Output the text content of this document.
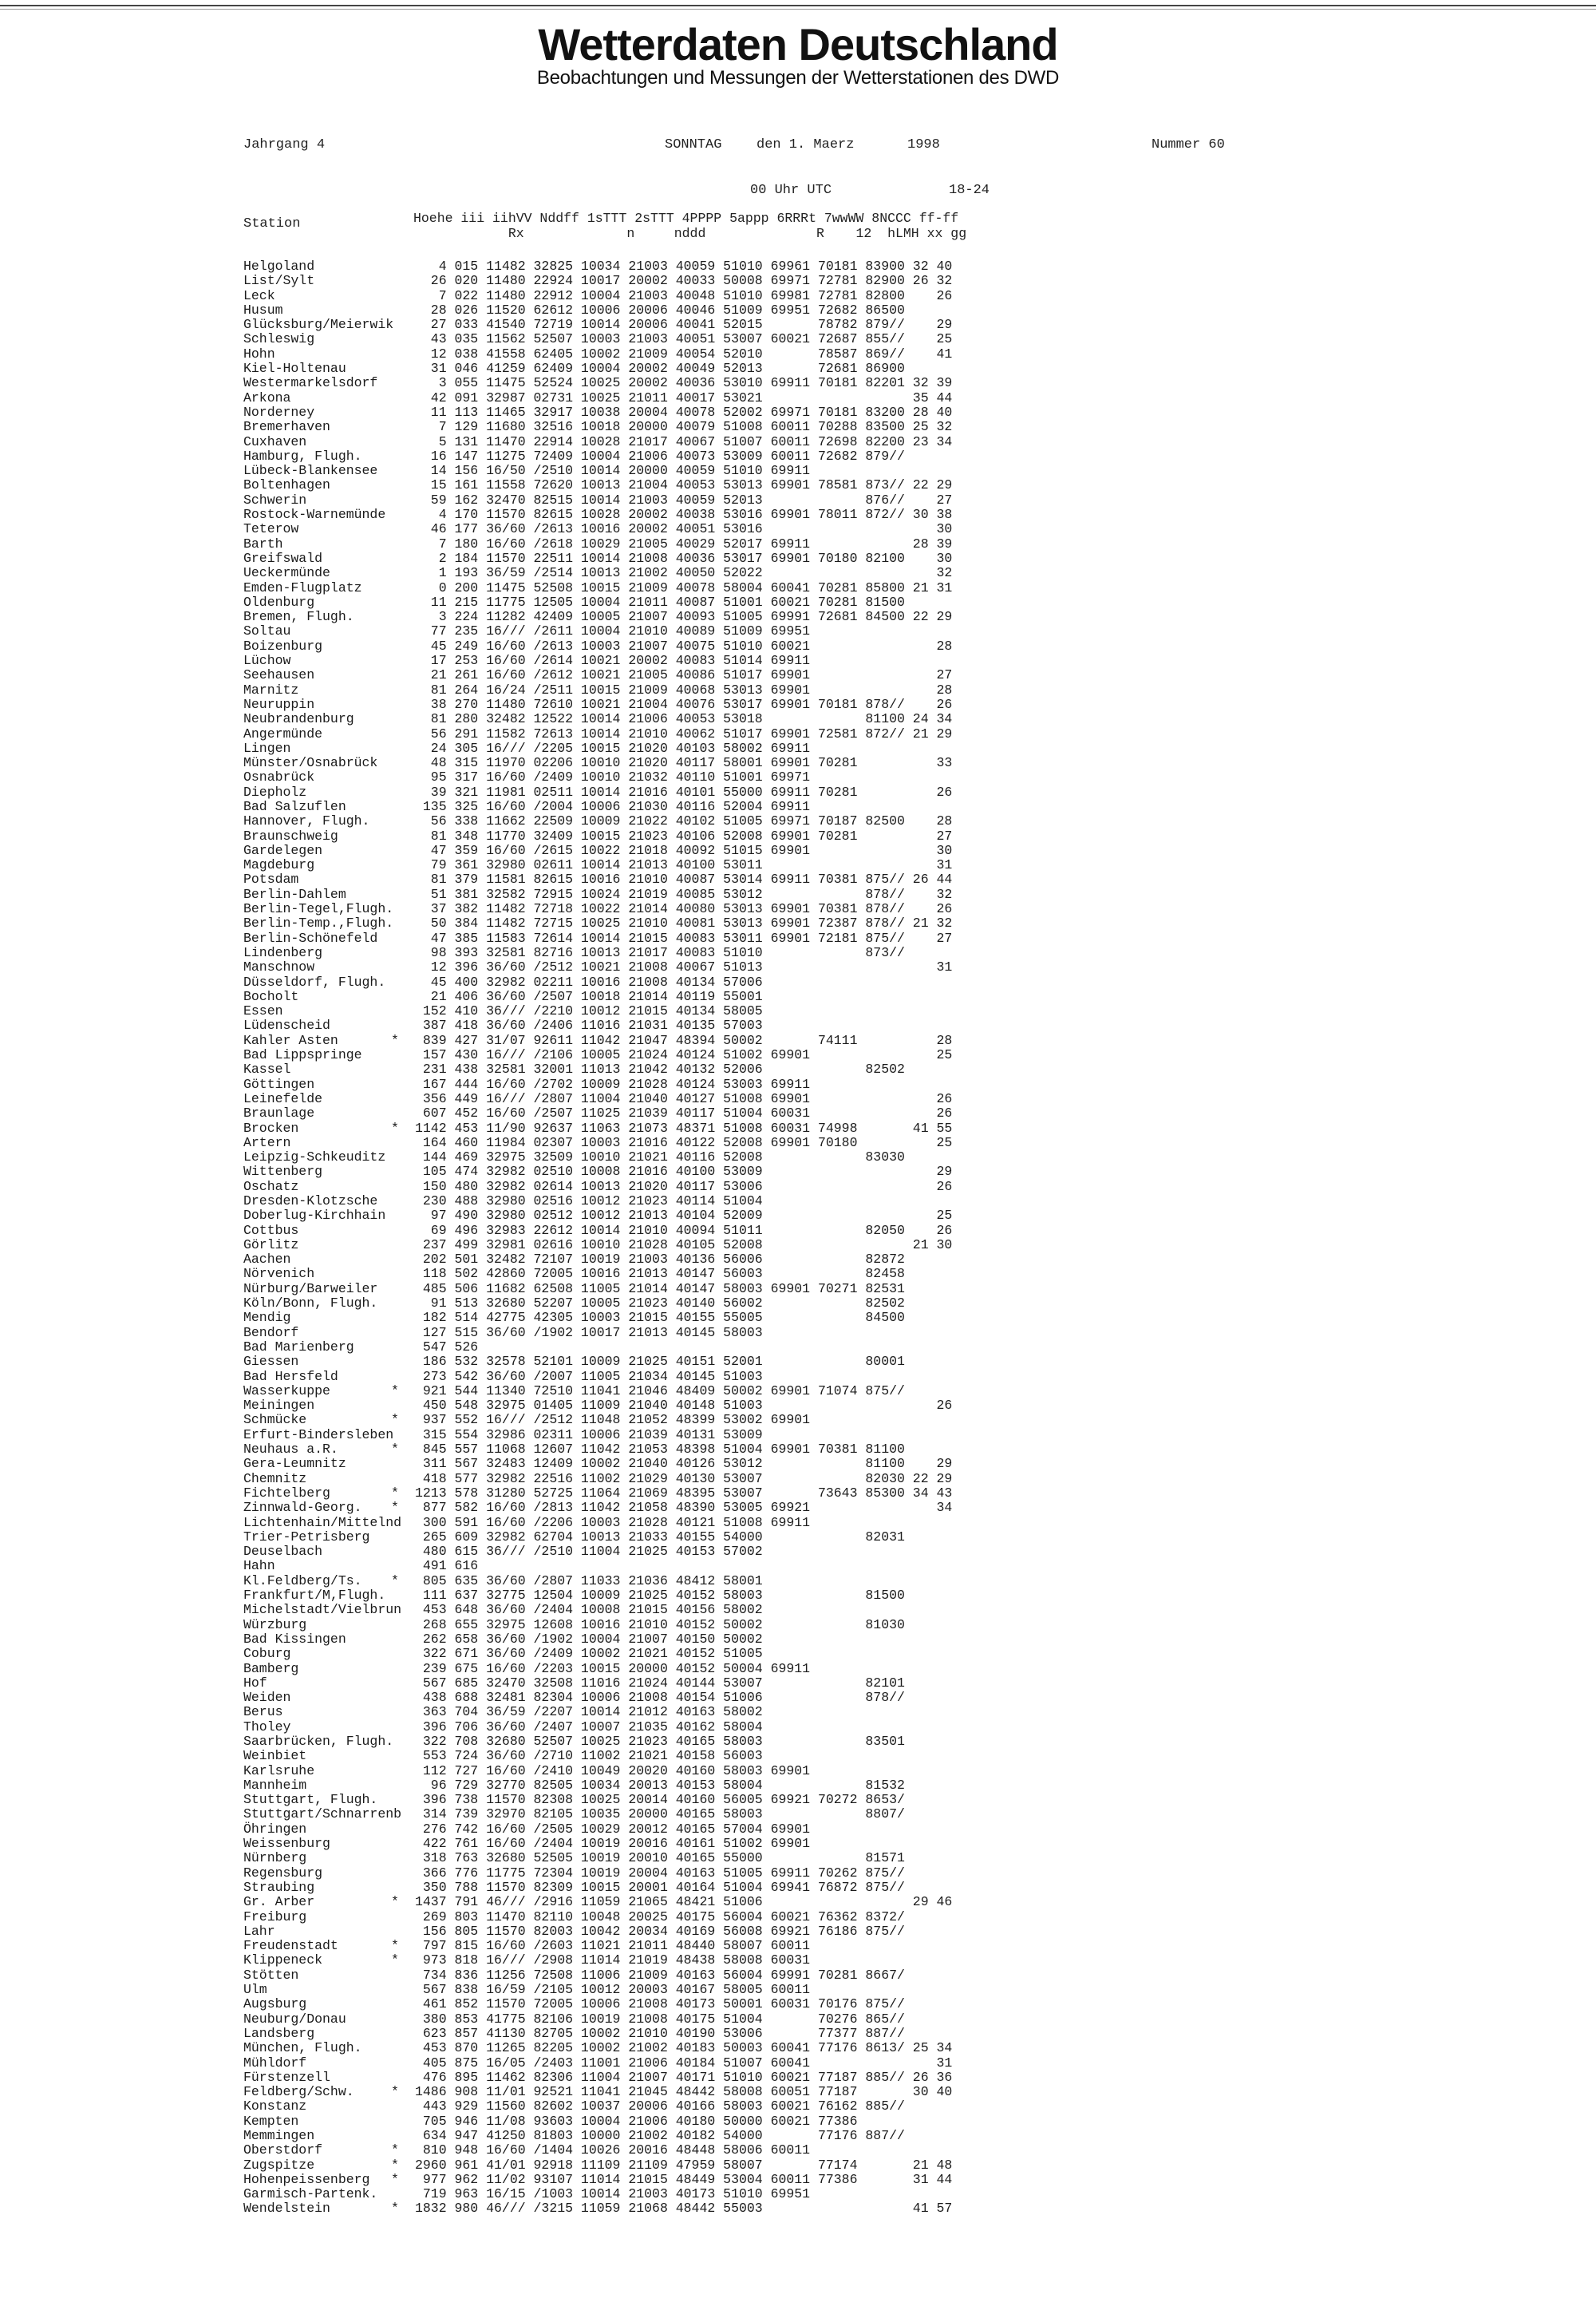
Wetterdaten Deutschland
Beobachtungen und Messungen der Wetterstationen des DWD
Jahrgang 4	SONNTAG	den 1. Maerz	1998	Nummer 60
00 Uhr UTC	18-24
Station	Hoehe iii iihVV Nddff 1sTTT 2sTTT 4PPPP 5appp 6RRRt 7wwWW 8NCCC ff-ff
Rx             n     nddd              R    12  hLMH xx gg
Helgoland	4 015 11482 32825 10034 21003 40059 51010 69961 70181 83900 32 40
List/Sylt	26 020 11480 22924 10017 20002 40033 50008 69971 72781 82900 26 32
Leck	7 022 11480 22912 10004 21003 40048 51010 69981 72781 82800    26
Husum	28 026 11520 62612 10006 20006 40046 51009 69951 72682 86500
Glücksburg/Meierwik 27 033 41540 72719 10014 20006 40041 52015       78782 879//    29
Schleswig	43 035 11562 52507 10003 21003 40051 53007 60021 72687 855//    25
Hohn	12 038 41558 62405 10002 21009 40054 52010       78587 869//    41
Kiel-Holtenau	31 046 41259 62409 10004 20002 40049 52013       72681 86900
Westermarkelsdorf	3 055 11475 52524 10025 20002 40036 53010 69911 70181 82201 32 39
Arkona	42 091 32987 02731 10025 21011 40017 53021                   35 44
Norderney	11 113 11465 32917 10038 20004 40078 52002 69971 70181 83200 28 40
Bremerhaven	7 129 11680 32516 10018 20000 40079 51008 60011 70288 83500 25 32
Cuxhaven	5 131 11470 22914 10028 21017 40067 51007 60011 72698 82200 23 34
Hamburg, Flugh.	16 147 11275 72409 10004 21006 40073 53009 60011 72682 879//
Lübeck-Blankensee	14 156 16/50 /2510 10014 20000 40059 51010 69911
Boltenhagen	15 161 11558 72620 10013 21004 40053 53013 69901 78581 873// 22 29
Schwerin	59 162 32470 82515 10014 21003 40059 52013             876//    27
Rostock-Warnemünde 4 170 11570 82615 10028 20002 40038 53016 69901 78011 872// 30 38
Teterow	46 177 36/60 /2613 10016 20002 40051 53016                      30
Barth	7 180 16/60 /2618 10029 21005 40029 52017 69911             28 39
Greifswald	2 184 11570 22511 10014 21008 40036 53017 69901 70180 82100    30
Ueckermünde	1 193 36/59 /2514 10013 21002 40050 52022                      32
Emden-Flugplatz	0 200 11475 52508 10015 21009 40078 58004 60041 70281 85800 21 31
Oldenburg	11 215 11775 12505 10004 21011 40087 51001 60021 70281 81500
Bremen, Flugh.	3 224 11282 42409 10005 21007 40093 51005 69991 72681 84500 22 29
Soltau	77 235 16/// /2611 10004 21010 40089 51009 69951
Boizenburg	45 249 16/60 /2613 10003 21007 40075 51010 60021                28
Lüchow	17 253 16/60 /2614 10021 20002 40083 51014 69911
Seehausen	21 261 16/60 /2612 10021 21005 40086 51017 69901                27
Marnitz	81 264 16/24 /2511 10015 21009 40068 53013 69901                28
Neuruppin	38 270 11480 72610 10021 21004 40076 53017 69901 70181 878//    26
Neubrandenburg	81 280 32482 12522 10014 21006 40053 53018             81100 24 34
Angermünde	56 291 11582 72613 10014 21010 40062 51017 69901 72581 872// 21 29
Lingen	24 305 16/// /2205 10015 21020 40103 58002 69911
Münster/Osnabrück	48 315 11970 02206 10010 21020 40117 58001 69901 70281          33
Osnabrück	95 317 16/60 /2409 10010 21032 40110 51001 69971
Diepholz	39 321 11981 02511 10014 21016 40101 55000 69911 70281          26
Bad Salzuflen	135 325 16/60 /2004 10006 21030 40116 52004 69911
Hannover, Flugh.	56 338 11662 22509 10009 21022 40102 51005 69971 70187 82500    28
Braunschweig	81 348 11770 32409 10015 21023 40106 52008 69901 70281          27
Gardelegen	47 359 16/60 /2615 10022 21018 40092 51015 69901                30
Magdeburg	79 361 32980 02611 10014 21013 40100 53011                      31
Potsdam	81 379 11581 82615 10016 21010 40087 53014 69911 70381 875// 26 44
Berlin-Dahlem	51 381 32582 72915 10024 21019 40085 53012             878//    32
Berlin-Tegel,Flugh. 37 382 11482 72718 10022 21014 40080 53013 69901 70381 878//    26
Berlin-Temp.,Flugh. 50 384 11482 72715 10025 21010 40081 53013 69901 72387 878// 21 32
Berlin-Schönefeld	47 385 11583 72614 10014 21015 40083 53011 69901 72181 875//    27
Lindenberg	98 393 32581 82716 10013 21017 40083 51010             873//
Manschnow	12 396 36/60 /2512 10021 21008 40067 51013                      31
Düsseldorf, Flugh. 45 400 32982 02211 10016 21008 40134 57006
Bocholt	21 406 36/60 /2507 10018 21014 40119 55001
Essen	152 410 36/// /2210 10012 21015 40134 58005
Lüdenscheid	387 418 36/60 /2406 11016 21031 40135 57003
Kahler Asten	* 839 427 31/07 92611 11042 21047 48394 50002       74111          28
Bad Lippspringe	157 430 16/// /2106 10005 21024 40124 51002 69901                25
Kassel	231 438 32581 32001 11013 21042 40132 52006             82502
Göttingen	167 444 16/60 /2702 10009 21028 40124 53003 69911
Leinefelde	356 449 16/// /2807 11004 21040 40127 51008 69901                26
Braunlage	607 452 16/60 /2507 11025 21039 40117 51004 60031                26
Brocken	* 1142 453 11/90 92637 11063 21073 48371 51008 60031 74998       41 55
Artern	164 460 11984 02307 10003 21016 40122 52008 69901 70180          25
Leipzig-Schkeuditz 144 469 32975 32509 10010 21021 40116 52008             83030
Wittenberg	105 474 32982 02510 10008 21016 40100 53009                      29
Oschatz	150 480 32982 02614 10013 21020 40117 53006                      26
Dresden-Klotzsche	230 488 32980 02516 10012 21023 40114 51004
Doberlug-Kirchhain 97 490 32980 02512 10012 21013 40104 52009                      25
Cottbus	69 496 32983 22612 10014 21010 40094 51011             82050    26
Görlitz	237 499 32981 02616 10010 21028 40105 52008                   21 30
Aachen	202 501 32482 72107 10019 21003 40136 56006             82872
Nörvenich	118 502 42860 72005 10016 21013 40147 56003             82458
Nürburg/Barweiler	485 506 11682 62508 11005 21014 40147 58003 69901 70271 82531
Köln/Bonn, Flugh.	91 513 32680 52207 10005 21023 40140 56002             82502
Mendig	182 514 42775 42305 10003 21015 40155 55005             84500
Bendorf	127 515 36/60 /1902 10017 21013 40145 58003
Bad Marienberg	547 526
Giessen	186 532 32578 52101 10009 21025 40151 52001             80001
Bad Hersfeld	273 542 36/60 /2007 11005 21034 40145 51003
Wasserkuppe	* 921 544 11340 72510 11041 21046 48409 50002 69901 71074 875//
Meiningen	450 548 32975 01405 11009 21040 40148 51003                      26
Schmücke	* 937 552 16/// /2512 11048 21052 48399 53002 69901
Erfurt-Bindersleben 315 554 32986 02311 10006 21039 40131 53009
Neuhaus a.R.	* 845 557 11068 12607 11042 21053 48398 51004 69901 70381 81100
Gera-Leumnitz	311 567 32483 12409 10002 21040 40126 53012             81100    29
Chemnitz	418 577 32982 22516 11002 21029 40130 53007             82030 22 29
Fichtelberg	* 1213 578 31280 52725 11064 21069 48395 53007       73643 85300 34 43
Zinnwald-Georg. * 877 582 16/60 /2813 11042 21058 48390 53005 69921                34
Lichtenhain/Mittelnd 300 591 16/60 /2206 10003 21028 40121 51008 69911
Trier-Petrisberg	265 609 32982 62704 10013 21033 40155 54000             82031
Deuselbach	480 615 36/// /2510 11004 21025 40153 57002
Hahn	491 616
Kl.Feldberg/Ts. * 805 635 36/60 /2807 11033 21036 48412 58001
Frankfurt/M,Flugh. 111 637 32775 12504 10009 21025 40152 58003             81500
Michelstadt/Vielbrun 453 648 36/60 /2404 10008 21015 40156 58002
Würzburg	268 655 32975 12608 10016 21010 40152 50002             81030
Bad Kissingen	262 658 36/60 /1902 10004 21007 40150 50002
Coburg	322 671 36/60 /2409 10002 21021 40152 51005
Bamberg	239 675 16/60 /2203 10015 20000 40152 50004 69911
Hof	567 685 32470 32508 11016 21024 40144 53007             82101
Weiden	438 688 32481 82304 10006 21008 40154 51006             878//
Berus	363 704 36/59 /2207 10014 21012 40163 58002
Tholey	396 706 36/60 /2407 10007 21035 40162 58004
Saarbrücken, Flugh. 322 708 32680 52507 10025 21023 40165 58003             83501
Weinbiet	553 724 36/60 /2710 11002 21021 40158 56003
Karlsruhe	112 727 16/60 /2410 10049 20020 40160 58003 69901
Mannheim	96 729 32770 82505 10034 20013 40153 58004             81532
Stuttgart, Flugh.	396 738 11570 82308 10025 20014 40160 56005 69921 70272 8653/
Stuttgart/Schnarrenb 314 739 32970 82105 10035 20000 40165 58003             8807/
Öhringen	276 742 16/60 /2505 10029 20012 40165 57004 69901
Weissenburg	422 761 16/60 /2404 10019 20016 40161 51002 69901
Nürnberg	318 763 32680 52505 10019 20010 40165 55000             81571
Regensburg	366 776 11775 72304 10019 20004 40163 51005 69911 70262 875//
Straubing	350 788 11570 82309 10015 20001 40164 51004 69941 76872 875//
Gr. Arber	* 1437 791 46/// /2916 11059 21065 48421 51006                   29 46
Freiburg	269 803 11470 82110 10048 20025 40175 56004 60021 76362 8372/
Lahr	156 805 11570 82003 10042 20034 40169 56008 69921 76186 875//
Freudenstadt	* 797 815 16/60 /2603 11021 21011 48440 58007 60011
Klippeneck	* 973 818 16/// /2908 11014 21019 48438 58008 60031
Stötten	734 836 11256 72508 11006 21009 40163 56004 69991 70281 8667/
Ulm	567 838 16/59 /2105 10012 20003 40167 58005 60011
Augsburg	461 852 11570 72005 10006 21008 40173 50001 60031 70176 875//
Neuburg/Donau	380 853 41775 82106 10019 21008 40175 51004       70276 865//
Landsberg	623 857 41130 82705 10002 21010 40190 53006       77377 887//
München, Flugh.	453 870 11265 82205 10002 21002 40183 50003 60041 77176 8613/ 25 34
Mühldorf	405 875 16/05 /2403 11001 21006 40184 51007 60041                31
Fürstenzell	476 895 11462 82306 11004 21007 40171 51010 60021 77187 885// 26 36
Feldberg/Schw.	* 1486 908 11/01 92521 11041 21045 48442 58008 60051 77187       30 40
Konstanz	443 929 11560 82602 10037 20006 40166 58003 60021 76162 885//
Kempten	705 946 11/08 93603 10004 21006 40180 50000 60021 77386
Memmingen	634 947 41250 81803 10000 21002 40182 54000       77176 887//
Oberstdorf	* 810 948 16/60 /1404 10026 20016 48448 58006 60011
Zugspitze	* 2960 961 41/01 92918 11109 21109 47959 58007       77174       21 48
Hohenpeissenberg * 977 962 11/02 93107 11014 21015 48449 53004 60011 77386       31 44
Garmisch-Partenk.	719 963 16/15 /1003 10014 21003 40173 51010 69951
Wendelstein	* 1832 980 46/// /3215 11059 21068 48442 55003                   41 57
